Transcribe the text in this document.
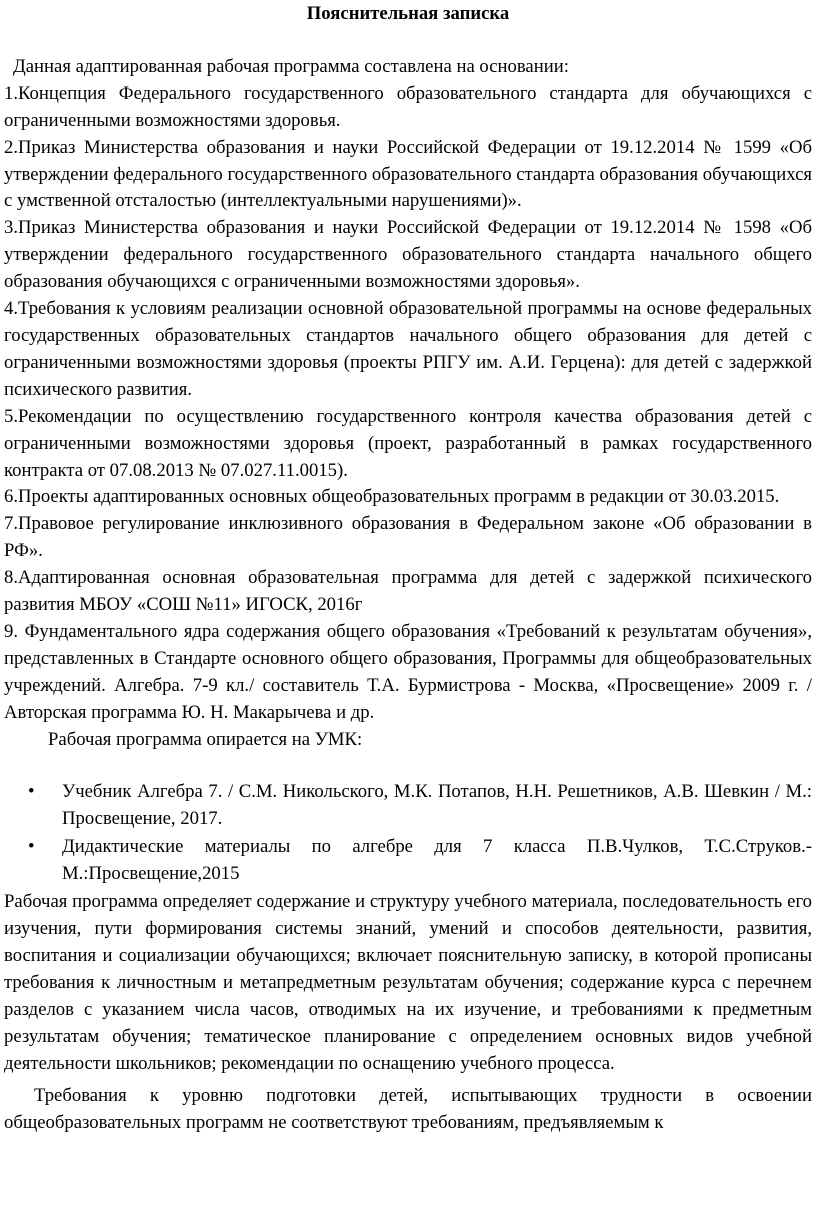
Пояснительная записка

Данная адаптированная рабочая программа составлена на основании:

1.Концепция Федерального государственного образовательного стандарта для обучающихся с ограниченными возможностями здоровья.

2.Приказ Министерства образования и науки Российской Федерации от 19.12.2014 № 1599 «Об утверждении федерального государственного образовательного стандарта образования обучающихся с умственной отсталостью (интеллектуальными нарушениями)».

3.Приказ Министерства образования и науки Российской Федерации от 19.12.2014 № 1598 «Об утверждении федерального государственного образовательного стандарта начального общего образования обучающихся с ограниченными возможностями здоровья».

4.Требования к условиям реализации основной образовательной программы на основе федеральных государственных образовательных стандартов начального общего образования для детей с ограниченными возможностями здоровья (проекты РПГУ им. А.И. Герцена): для детей с задержкой психического развития.

5.Рекомендации по осуществлению государственного контроля качества образования детей с ограниченными возможностями здоровья (проект, разработанный в рамках государственного контракта от 07.08.2013 № 07.027.11.0015).

6.Проекты адаптированных основных общеобразовательных программ в редакции от 30.03.2015.

7.Правовое регулирование инклюзивного образования в Федеральном законе «Об образовании в РФ».

8.Адаптированная основная образовательная программа для детей с задержкой психического развития МБОУ «СОШ №11» ИГОСК, 2016г

9. Фундаментального ядра содержания общего образования «Требований к результатам обучения», представленных в Стандарте основного общего образования, Программы для общеобразовательных учреждений. Алгебра. 7-9 кл./ составитель Т.А. Бурмистрова - Москва, «Просвещение» 2009 г. / Авторская программа Ю. Н. Макарычева и др.

Рабочая программа опирается на УМК:

• Учебник Алгебра 7. / С.М. Никольского, М.К. Потапов, Н.Н. Решетников, А.В. Шевкин / М.: Просвещение, 2017.
• Дидактические материалы по алгебре для 7 класса П.В.Чулков, Т.С.Струков.- М.:Просвещение,2015

Рабочая программа определяет содержание и структуру учебного материала, последовательность его изучения, пути формирования системы знаний, умений и способов деятельности, развития, воспитания и социализации обучающихся; включает пояснительную записку, в которой прописаны требования к личностным и метапредметным результатам обучения; содержание курса с перечнем разделов с указанием числа часов, отводимых на их изучение, и требованиями к предметным результатам обучения; тематическое планирование с определением основных видов учебной деятельности школьников; рекомендации по оснащению учебного процесса.

Требования к уровню подготовки детей, испытывающих трудности в освоении общеобразовательных программ не соответствуют требованиям, предъявляемым к
